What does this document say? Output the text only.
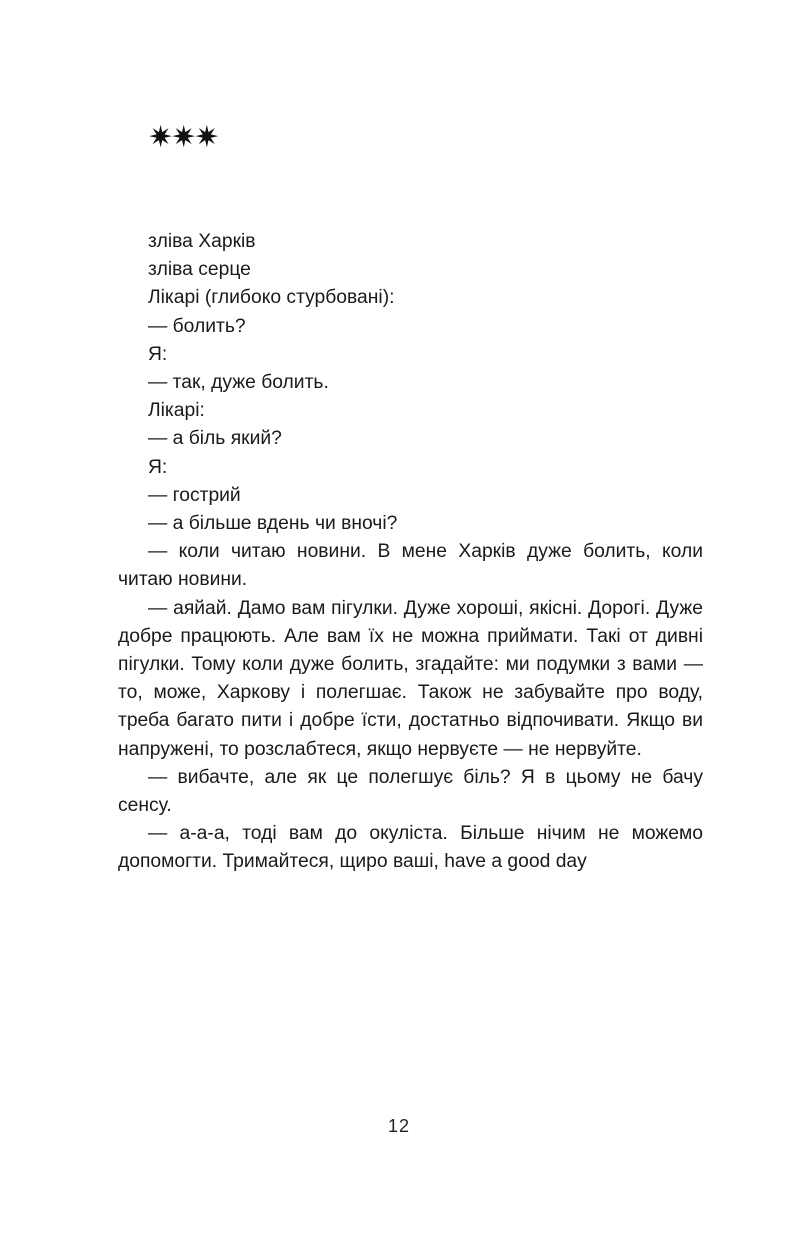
✷✷✷

зліва Харків

зліва серце

Лікарі (глибоко стурбовані):

— болить?

Я:

— так, дуже болить.

Лікарі:

— а біль який?

Я:

— гострий

— а більше вдень чи вночі?

— коли читаю новини. В мене Харків дуже болить, коли читаю новини.

— аяйай. Дамо вам пігулки. Дуже хороші, якісні. Дорогі. Дуже добре працюють. Але вам їх не можна приймати. Такі от дивні пігулки. Тому коли дуже болить, згадайте: ми подумки з вами — то, може, Харкову і полегшає. Також не забувайте про воду, треба багато пити і добре їсти, достатньо відпочивати. Якщо ви напружені, то розслабтеся, якщо нервуєте — не нервуйте.

— вибачте, але як це полегшує біль? Я в цьому не бачу сенсу.

— а-а-а, тоді вам до окуліста. Більше нічим не можемо допомогти. Тримайтеся, щиро ваші, have a good day

12
